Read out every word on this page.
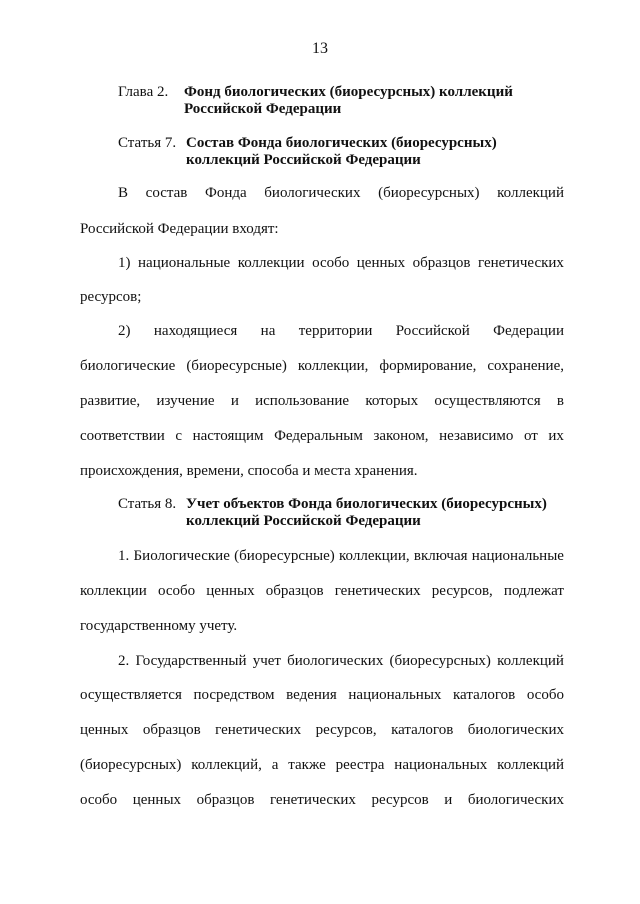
13
Глава 2.	Фонд биологических (биоресурсных) коллекций
Российской Федерации
Статья 7. Состав Фонда биологических (биоресурсных)
коллекций Российской Федерации
В состав Фонда биологических (биоресурсных) коллекций
Российской Федерации входят:
1) национальные коллекции особо ценных образцов генетических
ресурсов;
2) находящиеся на территории Российской Федерации
биологические (биоресурсные) коллекции, формирование, сохранение,
развитие, изучение и использование которых осуществляются в
соответствии с настоящим Федеральным законом, независимо от их
происхождения, времени, способа и места хранения.
Статья 8. Учет объектов Фонда биологических (биоресурсных)
коллекций Российской Федерации
1. Биологические (биоресурсные) коллекции, включая национальные
коллекции особо ценных образцов генетических ресурсов, подлежат
государственному учету.
2. Государственный учет биологических (биоресурсных) коллекций
осуществляется посредством ведения национальных каталогов особо
ценных образцов генетических ресурсов, каталогов биологических
(биоресурсных) коллекций, а также реестра национальных коллекций
особо ценных образцов генетических ресурсов и биологических
